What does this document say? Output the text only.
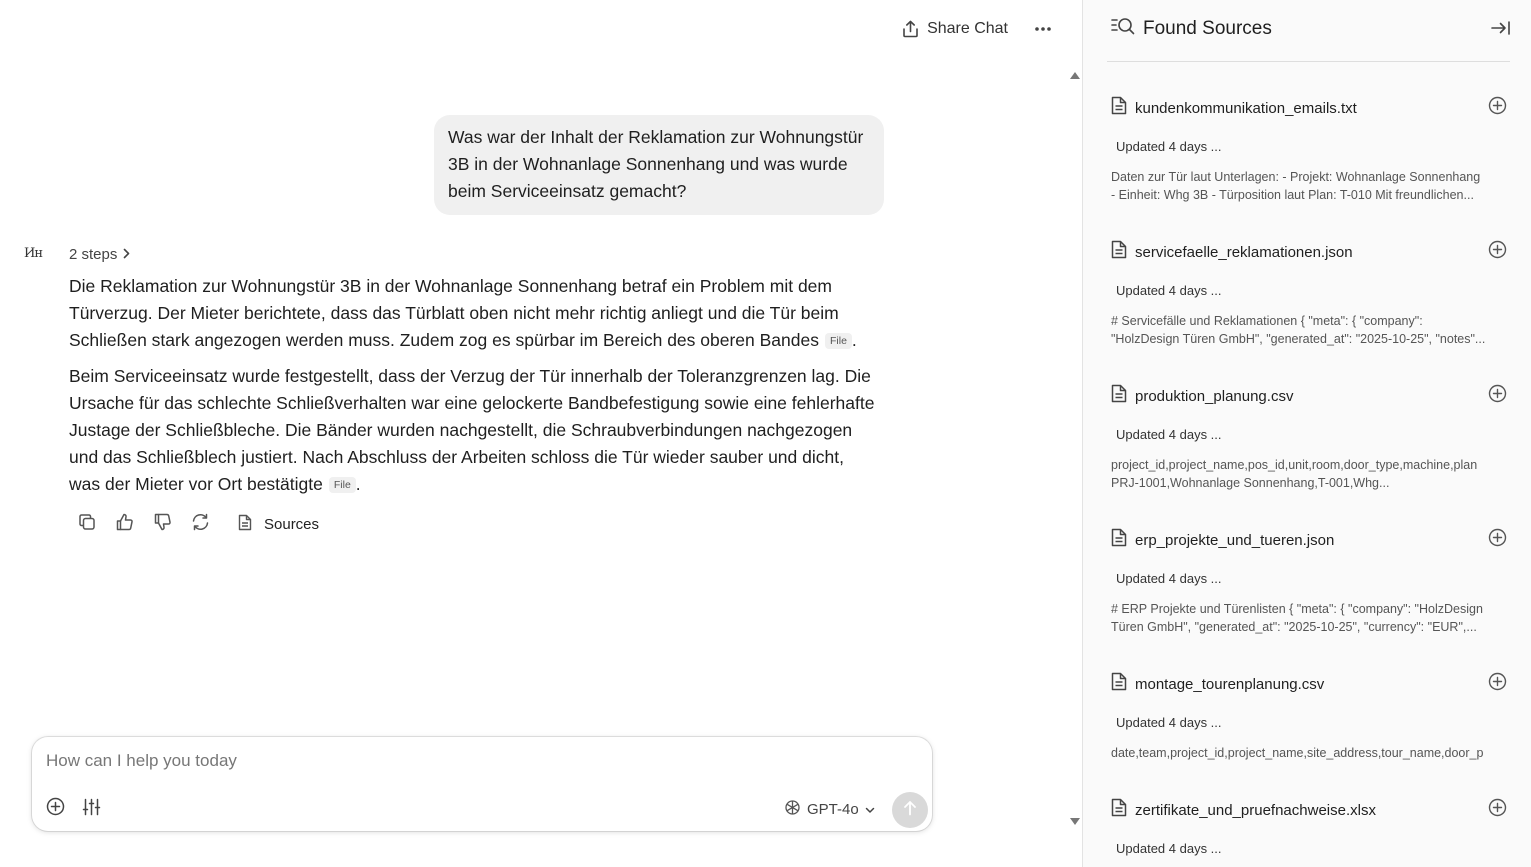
Share Chat
Was war der Inhalt der Reklamation zur Wohnungstür 3B in der Wohnanlage Sonnenhang und was wurde beim Serviceeinsatz gemacht?
Ин	2 steps

Die Reklamation zur Wohnungstür 3B in der Wohnanlage Sonnenhang betraf ein Problem mit dem Türverzug. Der Mieter berichtete, dass das Türblatt oben nicht mehr richtig anliegt und die Tür beim Schließen stark angezogen werden muss. Zudem zog es spürbar im Bereich des oberen Bandes File .

Beim Serviceeinsatz wurde festgestellt, dass der Verzug der Tür innerhalb der Toleranzgrenzen lag. Die Ursache für das schlechte Schließverhalten war eine gelockerte Bandbefestigung sowie eine fehlerhafte Justage der Schließbleche. Die Bänder wurden nachgestellt, die Schraubverbindungen nachgezogen und das Schließblech justiert. Nach Abschluss der Arbeiten schloss die Tür wieder sauber und dicht, was der Mieter vor Ort bestätigte File .

Sources
How can I help you today
GPT-4o
Found Sources
kundenkommunikation_emails.txt
Updated 4 days ...
Daten zur Tür laut Unterlagen: - Projekt: Wohnanlage Sonnenhang
- Einheit: Whg 3B - Türposition laut Plan: T-010 Mit freundlichen...
servicefaelle_reklamationen.json
Updated 4 days ...
# Servicefälle und Reklamationen { "meta": { "company":
"HolzDesign Türen GmbH", "generated_at": "2025-10-25", "notes"...
produktion_planung.csv
Updated 4 days ...
project_id,project_name,pos_id,unit,room,door_type,machine,plan
PRJ-1001,Wohnanlage Sonnenhang,T-001,Whg...
erp_projekte_und_tueren.json
Updated 4 days ...
# ERP Projekte und Türenlisten { "meta": { "company": "HolzDesign
Türen GmbH", "generated_at": "2025-10-25", "currency": "EUR",...
montage_tourenplanung.csv
Updated 4 days ...
date,team,project_id,project_name,site_address,tour_name,door_p
zertifikate_und_pruefnachweise.xlsx
Updated 4 days ...
